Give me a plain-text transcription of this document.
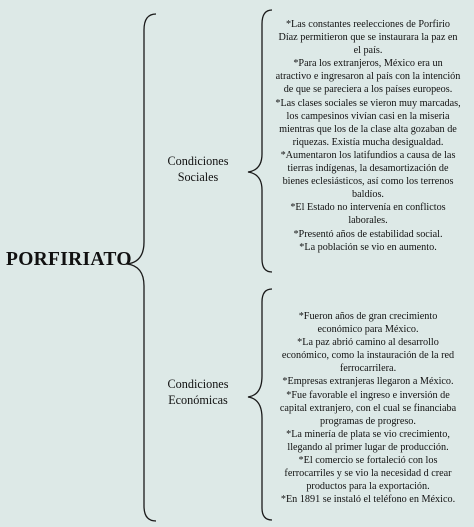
PORFIRIATO
Condiciones
Sociales
Condiciones
Económicas
*Las constantes reelecciones de Porfirio
Díaz permitieron que se instaurara la paz en
el país.
*Para los extranjeros, México era un
atractivo e ingresaron al país con la intención
de que se pareciera a los países europeos.
*Las clases sociales se vieron muy marcadas,
los campesinos vivían casi en la miseria
mientras que los de la clase alta gozaban de
riquezas. Existía mucha desigualdad.
*Aumentaron los latifundios a causa de las
tierras indígenas, la desamortización de
bienes eclesiásticos, así como los terrenos
baldíos.
*El Estado no intervenía en conflictos
laborales.
*Presentó años de estabilidad social.
*La población se vio en aumento.
*Fueron años de gran crecimiento
económico para México.
*La paz abrió camino al desarrollo
económico, como la instauración de la red
ferrocarrilera.
*Empresas extranjeras llegaron a México.
*Fue favorable el ingreso e inversión de
capital extranjero, con el cual se financiaba
programas de progreso.
*La minería de plata se vio crecimiento,
llegando al primer lugar de producción.
*El comercio se fortaleció con los
ferrocarriles y se vio la necesidad d crear
productos para la exportación.
*En 1891 se instaló el teléfono en México.
